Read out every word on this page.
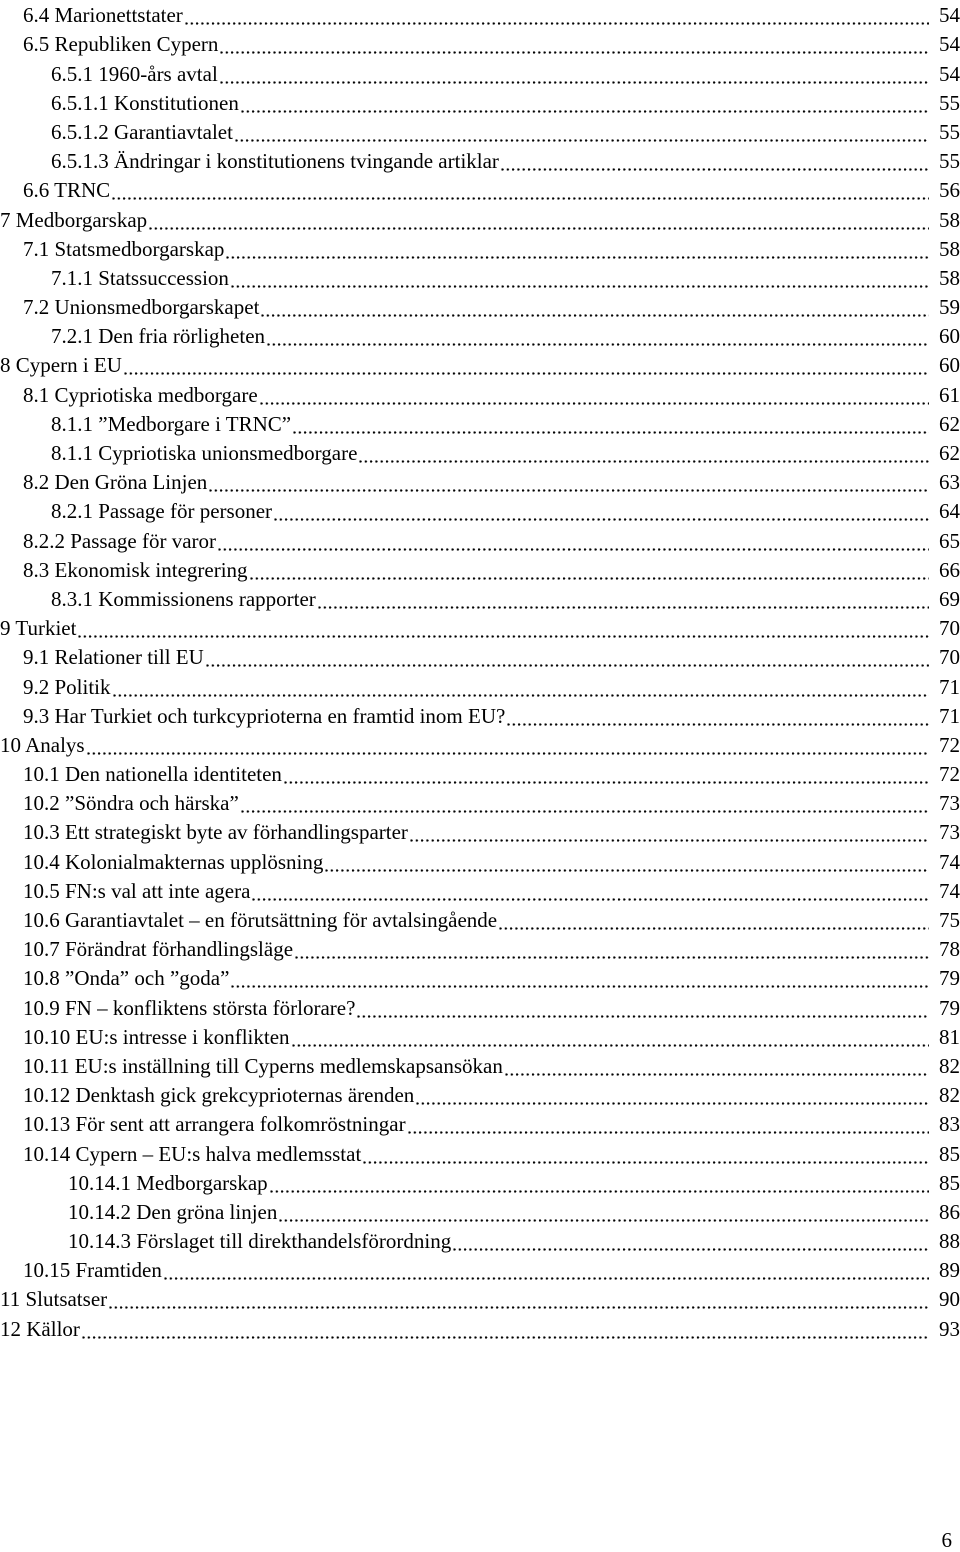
6.4 Marionettstater	54
6.5 Republiken Cypern	54
6.5.1 1960-års avtal	54
6.5.1.1 Konstitutionen	55
6.5.1.2 Garantiavtalet	55
6.5.1.3 Ändringar i konstitutionens tvingande artiklar	55
6.6 TRNC	56
7 Medborgarskap	58
7.1 Statsmedborgarskap	58
7.1.1 Statssuccession	58
7.2 Unionsmedborgarskapet	59
7.2.1 Den fria rörligheten	60
8 Cypern i EU	60
8.1 Cypriotiska medborgare	61
8.1.1 ”Medborgare i TRNC”	62
8.1.1 Cypriotiska unionsmedborgare	62
8.2 Den Gröna Linjen	63
8.2.1 Passage för personer	64
8.2.2 Passage för varor	65
8.3 Ekonomisk integrering	66
8.3.1 Kommissionens rapporter	69
9 Turkiet	70
9.1 Relationer till EU	70
9.2 Politik	71
9.3 Har Turkiet och turkcyprioterna en framtid inom EU?	71
10 Analys	72
10.1 Den nationella identiteten	72
10.2 ”Söndra och härska”	73
10.3 Ett strategiskt byte av förhandlingsparter	73
10.4 Kolonialmakternas upplösning	74
10.5 FN:s val att inte agera	74
10.6 Garantiavtalet – en förutsättning för avtalsingående	75
10.7 Förändrat förhandlingsläge	78
10.8 ”Onda” och ”goda”	79
10.9 FN – konfliktens största förlorare?	79
10.10 EU:s intresse i konflikten	81
10.11 EU:s inställning till Cyperns medlemskapsansökan	82
10.12 Denktash gick grekcyprioternas ärenden	82
10.13 För sent att arrangera folkomröstningar	83
10.14 Cypern – EU:s halva medlemsstat	85
10.14.1 Medborgarskap	85
10.14.2 Den gröna linjen	86
10.14.3 Förslaget till direkthandelsförordning	88
10.15 Framtiden	89
11 Slutsatser	90
12 Källor	93
6
